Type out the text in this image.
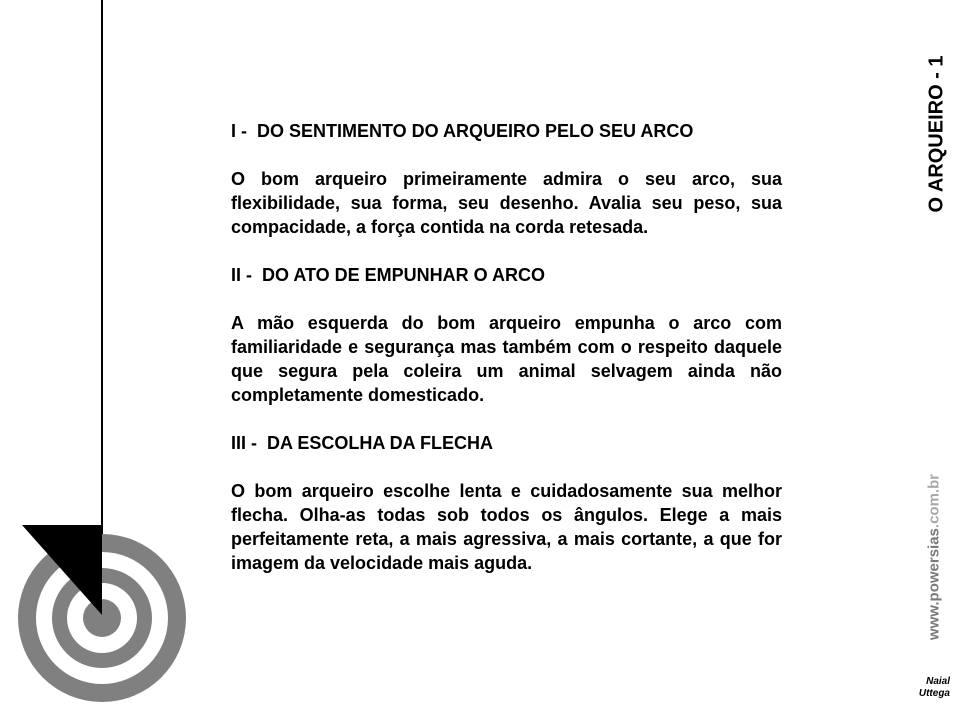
I -  DO SENTIMENTO DO ARQUEIRO PELO SEU ARCO
O bom arqueiro primeiramente admira o seu arco, sua flexibilidade, sua forma, seu desenho. Avalia seu peso, sua compacidade, a força contida na corda retesada.
II -  DO ATO DE EMPUNHAR O ARCO
A mão esquerda do bom arqueiro empunha o arco com familiaridade e segurança mas também com o respeito daquele que segura pela coleira um animal selvagem ainda não completamente domesticado.
III -  DA ESCOLHA DA FLECHA
O bom arqueiro escolhe lenta e cuidadosamente sua melhor flecha. Olha-as todas sob todos os ângulos. Elege a mais perfeitamente reta, a mais agressiva, a mais cortante, a que for imagem da velocidade mais aguda.
O ARQUEIRO - 1
www.powersias.com.br
Naial
Uttega
